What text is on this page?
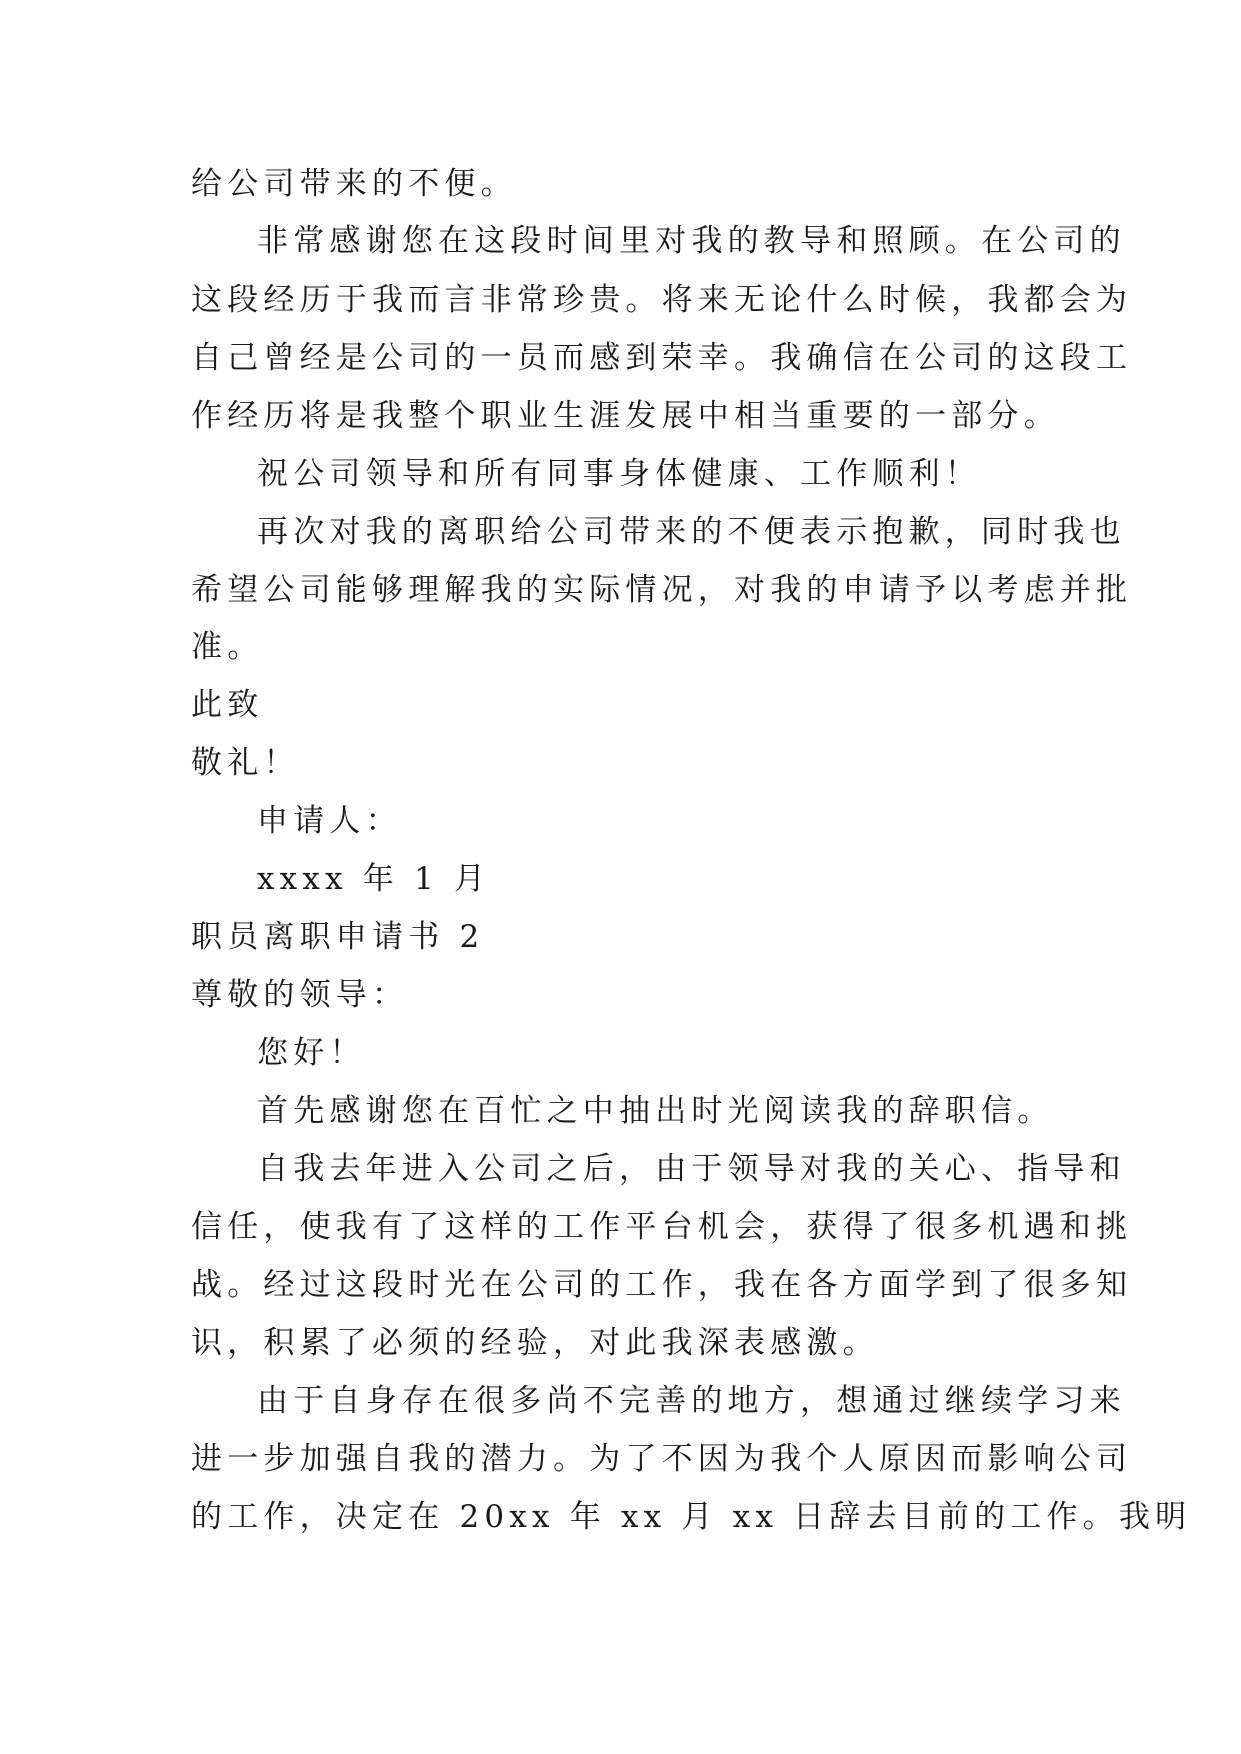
给公司带来的不便。
非常感谢您在这段时间里对我的教导和照顾。在公司的
这段经历于我而言非常珍贵。将来无论什么时候，我都会为
自己曾经是公司的一员而感到荣幸。我确信在公司的这段工
作经历将是我整个职业生涯发展中相当重要的一部分。
祝公司领导和所有同事身体健康、工作顺利！
再次对我的离职给公司带来的不便表示抱歉，同时我也
希望公司能够理解我的实际情况，对我的申请予以考虑并批
准。
此致
敬礼！
申请人：
xxxx 年 1 月
职员离职申请书 2
尊敬的领导：
您好！
首先感谢您在百忙之中抽出时光阅读我的辞职信。
自我去年进入公司之后，由于领导对我的关心、指导和
信任，使我有了这样的工作平台机会，获得了很多机遇和挑
战。经过这段时光在公司的工作，我在各方面学到了很多知
识，积累了必须的经验，对此我深表感激。
由于自身存在很多尚不完善的地方，想通过继续学习来
进一步加强自我的潜力。为了不因为我个人原因而影响公司
的工作，决定在 20xx 年 xx 月 xx 日辞去目前的工作。我明
